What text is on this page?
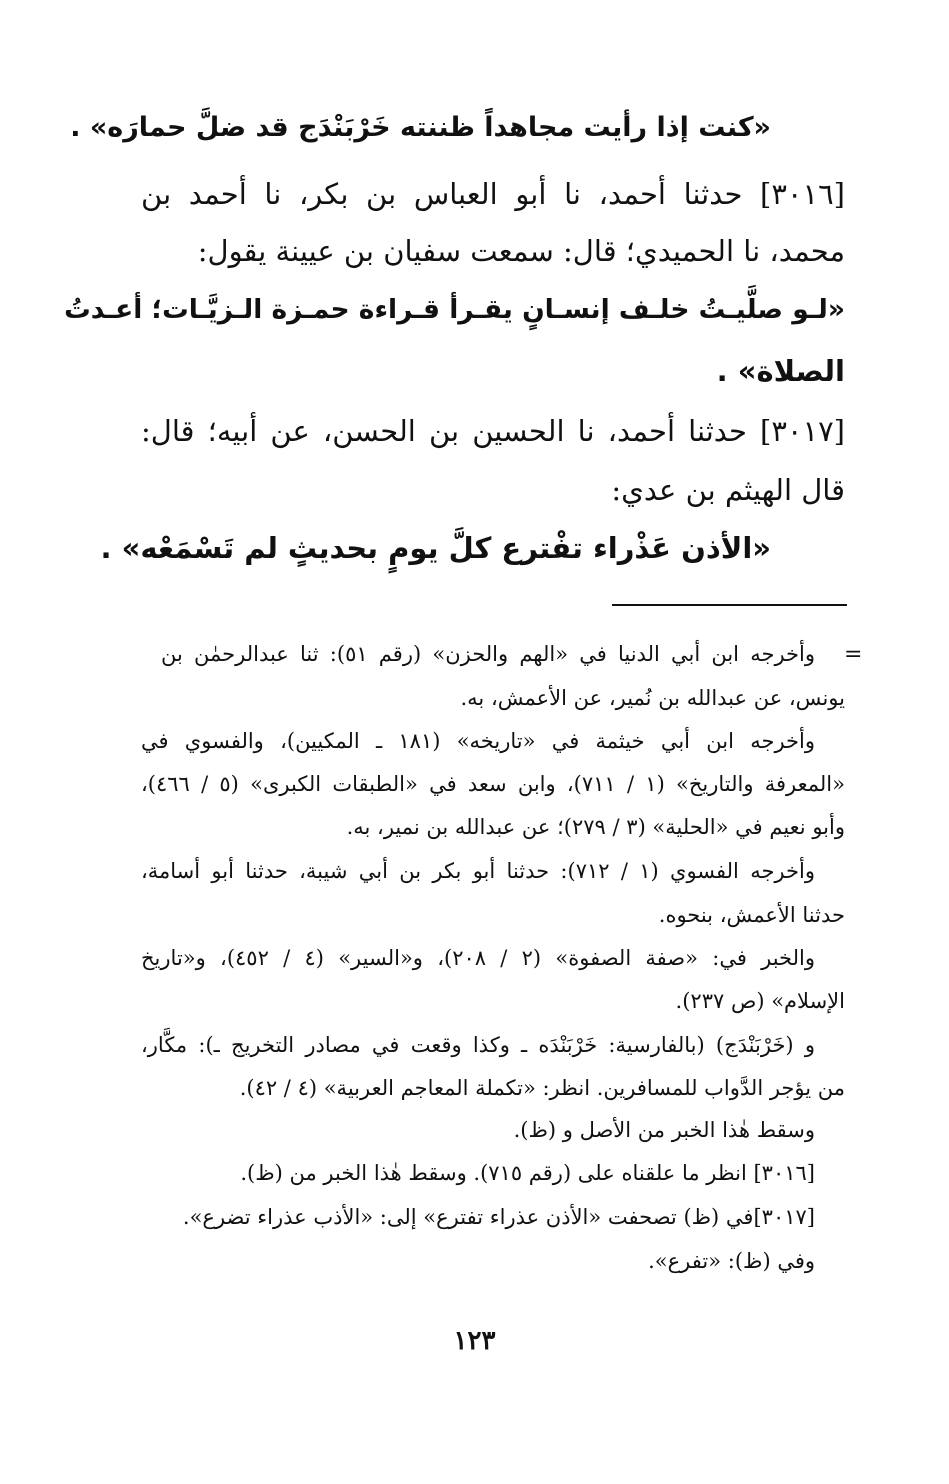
«كنت إذا رأيت مجاهداً ظننته خَرْبَنْدَج قد ضلَّ حمارَه» .
[٣٠١٦] حدثنا أحمد، نا أبو العباس بن بكر، نا أحمد بن
محمد، نا الحميدي؛ قال: سمعت سفيان بن عيينة يقول:
«لـو صلَّيـتُ خلـف إنسـانٍ يقـرأ قـراءة حمـزة الـزيَّـات؛ أعـدتُ
الصلاة» .
[٣٠١٧] حدثنا أحمد، نا الحسين بن الحسن، عن أبيه؛ قال:
قال الهيثم بن عدي:
«الأذن عَذْراء تفْترع كلَّ يومٍ بحديثٍ لم تَسْمَعْه» .
=
وأخرجه ابن أبي الدنيا في «الهم والحزن» (رقم ٥١): ثنا عبدالرحمٰن بن
يونس، عن عبدالله بن نُمير، عن الأعمش، به.
وأخرجه ابن أبي خيثمة في «تاريخه» (١٨١ ـ المكيين)، والفسوي في
«المعرفة والتاريخ» (١ / ٧١١)، وابن سعد في «الطبقات الكبرى» (٥ / ٤٦٦)،
وأبو نعيم في «الحلية» (٣ / ٢٧٩)؛ عن عبدالله بن نمير، به.
وأخرجه الفسوي (١ / ٧١٢): حدثنا أبو بكر بن أبي شيبة، حدثنا أبو أسامة،
حدثنا الأعمش، بنحوه.
والخبر في: «صفة الصفوة» (٢ / ٢٠٨)، و«السير» (٤ / ٤٥٢)، و«تاريخ
الإسلام» (ص ٢٣٧).
و (خَرْبَنْدَج) (بالفارسية: خَرْبَنْدَه ـ وكذا وقعت في مصادر التخريج ـ): مكَّار،
من يؤجر الدَّواب للمسافرين. انظر: «تكملة المعاجم العربية» (٤ / ٤٢).
وسقط هٰذا الخبر من الأصل و (ظ).
[٣٠١٦] انظر ما علقناه على (رقم ٧١٥). وسقط هٰذا الخبر من (ظ).
[٣٠١٧]في (ظ) تصحفت «الأذن عذراء تفترع» إلى: «الأذب عذراء تضرع».
وفي (ظ): «تفرع».
١٢٣
